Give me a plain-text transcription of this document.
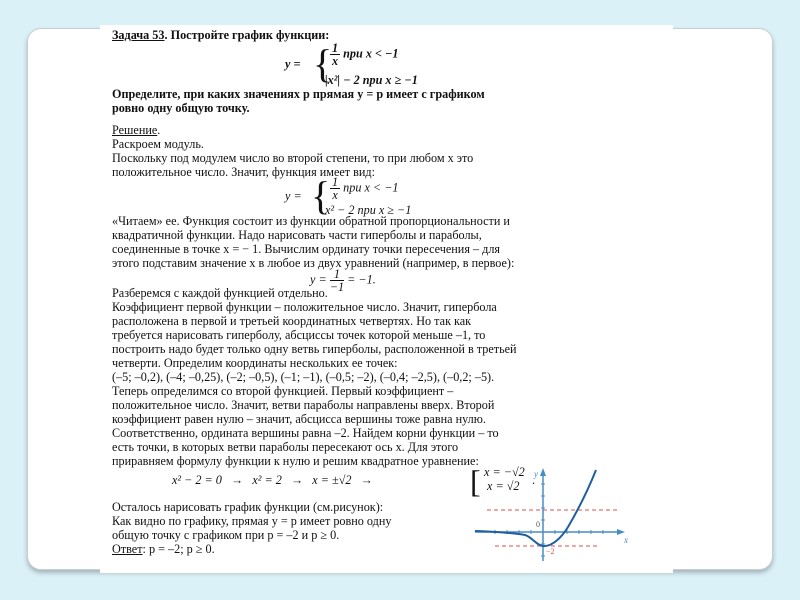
Задача 53. Постройте график функции:
y = {
$\frac{1}{x}$ при x < −1
|x²| − 2 при x ≥ −1
Определите, при каких значениях p прямая y = p имеет с графиком
ровно одну общую точку.
Решение.
Раскроем модуль.
Поскольку под модулем число во второй степени, то при любом х это
положительное число. Значит, функция имеет вид:
y = { $\frac{1}{x}$ при x < −1
x² − 2 при x ≥ −1
«Читаем» ее. Функция состоит из функции обратной пропорциональности и
квадратичной функции. Надо нарисовать части гиперболы и параболы,
соединенные в точке x = − 1. Вычислим ординату точки пересечения – для
этого подставим значение х в любое из двух уравнений (например, в первое):
$y = \frac{1}{-1} = -1$.
Разберемся с каждой функцией отдельно.
Коэффициент первой функции – положительное число. Значит, гипербола
расположена в первой и третьей координатных четвертях. Но так как
требуется нарисовать гиперболу, абсциссы точек которой меньше –1, то
построить надо будет только одну ветвь гиперболы, расположенной в третьей
четверти. Определим координаты нескольких ее точек:
(–5; –0,2), (–4; –0,25), (–2; –0,5), (–1; –1), (–0,5; –2), (–0,4; –2,5), (–0,2; –5).
Теперь определимся со второй функцией. Первый коэффициент –
положительное число. Значит, ветви параболы направлены вверх. Второй
коэффициент равен нулю – значит, абсцисса вершины тоже равна нулю.
Соответственно, ордината вершины равна –2. Найдем корни функции – то
есть точки, в которых ветви параболы пересекают ось x. Для этого
приравняем формулу функции к нулю и решим квадратное уравнение:
x² − 2 = 0   →   x² = 2   →   x = ±√2   →	[ x = −√2
x = √2 .
Осталось нарисовать график функции (см.рисунок):
Как видно по графику, прямая y = p имеет ровно одну
общую точку с графиком при p = –2 и p ≥ 0.
Ответ: p = –2; p ≥ 0.
0
x
y
−2
